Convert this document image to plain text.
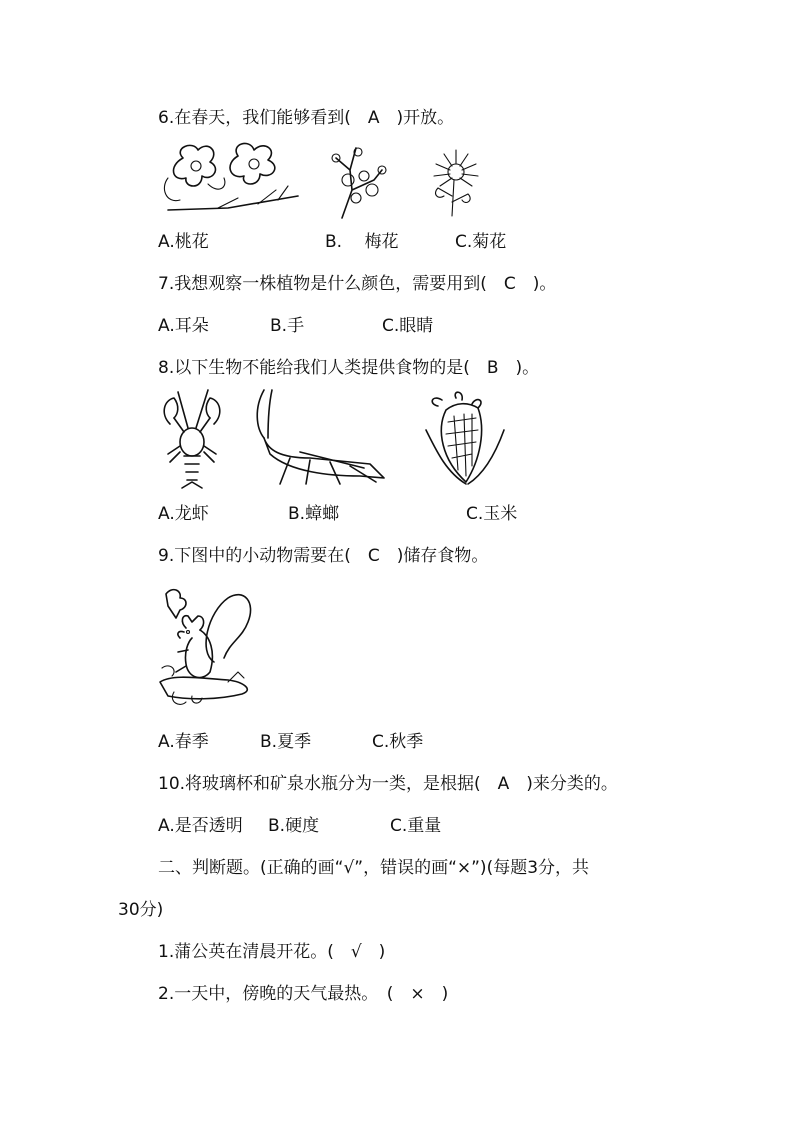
6.在春天，我们能够看到(　A　)开放。
A.桃花	B.　 梅花	C.菊花
7.我想观察一株植物是什么颜色，需要用到(　C　)。
A.耳朵	B.手	C.眼睛
8.以下生物不能给我们人类提供食物的是(　B　)。
A.龙虾	B.蟑螂	C.玉米
9.下图中的小动物需要在(　C　)储存食物。
A.春季	B.夏季	C.秋季
10.将玻璃杯和矿泉水瓶分为一类，是根据(　A　)来分类的。
A.是否透明 B.硬度	C.重量
二、判断题。(正确的画“√”，错误的画“×”)(每题3分，共
30分)
1.蒲公英在清晨开花。(　√　)
2.一天中，傍晚的天气最热。　(　×　)
